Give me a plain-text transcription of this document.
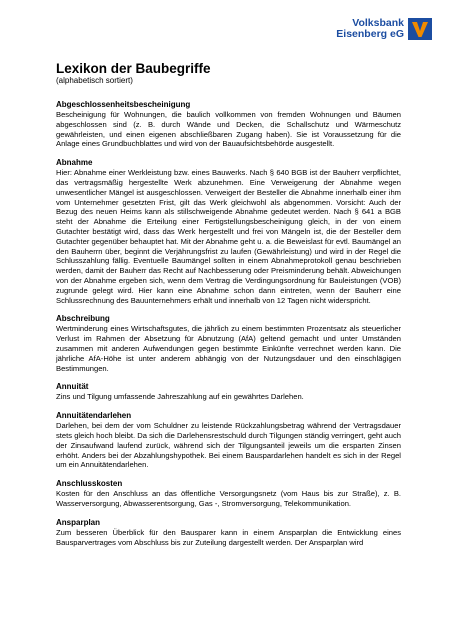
Volksbank
Eisenberg eG
Lexikon der Baubegriffe
(alphabetisch sortiert)
Abgeschlossenheitsbescheinigung
Bescheinigung für Wohnungen, die baulich vollkommen von fremden Wohnungen und Bäumen abgeschlossen sind (z. B. durch Wände und Decken, die Schallschutz und Wärmeschutz gewährleisten, und einen eigenen abschließbaren Zugang haben). Sie ist Voraussetzung für die Anlage eines Grundbuchblattes und wird von der Bauaufsichtsbehörde ausgestellt.
Abnahme
Hier: Abnahme einer Werkleistung bzw. eines Bauwerks. Nach § 640 BGB ist der Bauherr verpflichtet, das vertragsmäßig hergestellte Werk abzunehmen. Eine Verweigerung der Abnahme wegen unwesentlicher Mängel ist ausgeschlossen. Verweigert der Besteller die Abnahme innerhalb einer ihm vom Unternehmer gesetzten Frist, gilt das Werk gleichwohl als abgenommen. Vorsicht: Auch der Bezug des neuen Heims kann als stillschweigende Abnahme gedeutet werden. Nach § 641 a BGB steht der Abnahme die Erteilung einer Fertigstellungsbescheinigung gleich, in der von einem Gutachter bestätigt wird, dass das Werk hergestellt und frei von Mängeln ist, die der Besteller dem Gutachter gegenüber behauptet hat. Mit der Abnahme geht u. a. die Beweislast für evtl. Baumängel an den Bauherrn über, beginnt die Verjährungsfrist zu laufen (Gewährleistung) und wird in der Regel die Schlusszahlung fällig. Eventuelle Baumängel sollten in einem Abnahmeprotokoll genau beschrieben werden, damit der Bauherr das Recht auf Nachbesserung oder Preisminderung behält. Abweichungen von der Abnahme ergeben sich, wenn dem Vertrag die Verdingungsordnung für Bauleistungen (VOB) zugrunde gelegt wird. Hier kann eine Abnahme schon dann eintreten, wenn der Bauherr eine Schlussrechnung des Bauunternehmers erhält und innerhalb von 12 Tagen nicht widerspricht.
Abschreibung
Wertminderung eines Wirtschaftsgutes, die jährlich zu einem bestimmten Prozentsatz als steuerlicher Verlust im Rahmen der Absetzung für Abnutzung (AfA) geltend gemacht und unter Umständen zusammen mit anderen Aufwendungen gegen bestimmte Einkünfte verrechnet werden kann. Die jährliche AfA-Höhe ist unter anderem abhängig von der Nutzungsdauer und den einschlägigen Bestimmungen.
Annuität
Zins und Tilgung umfassende Jahreszahlung auf ein gewährtes Darlehen.
Annuitätendarlehen
Darlehen, bei dem der vom Schuldner zu leistende Rückzahlungsbetrag während der Vertragsdauer stets gleich hoch bleibt. Da sich die Darlehensrestschuld durch Tilgungen ständig verringert, geht auch der Zinsaufwand laufend zurück, während sich der Tilgungsanteil jeweils um die ersparten Zinsen erhöht. Anders bei der Abzahlungshypothek. Bei einem Bauspardarlehen handelt es sich in der Regel um ein Annuitätendarlehen.
Anschlusskosten
Kosten für den Anschluss an das öffentliche Versorgungsnetz (vom Haus bis zur Straße), z. B. Wasserversorgung, Abwasserentsorgung, Gas -, Stromversorgung, Telekommunikation.
Ansparplan
Zum besseren Überblick für den Bausparer kann in einem Ansparplan die Entwicklung eines Bausparvertrages vom Abschluss bis zur Zuteilung dargestellt werden. Der Ansparplan wird
